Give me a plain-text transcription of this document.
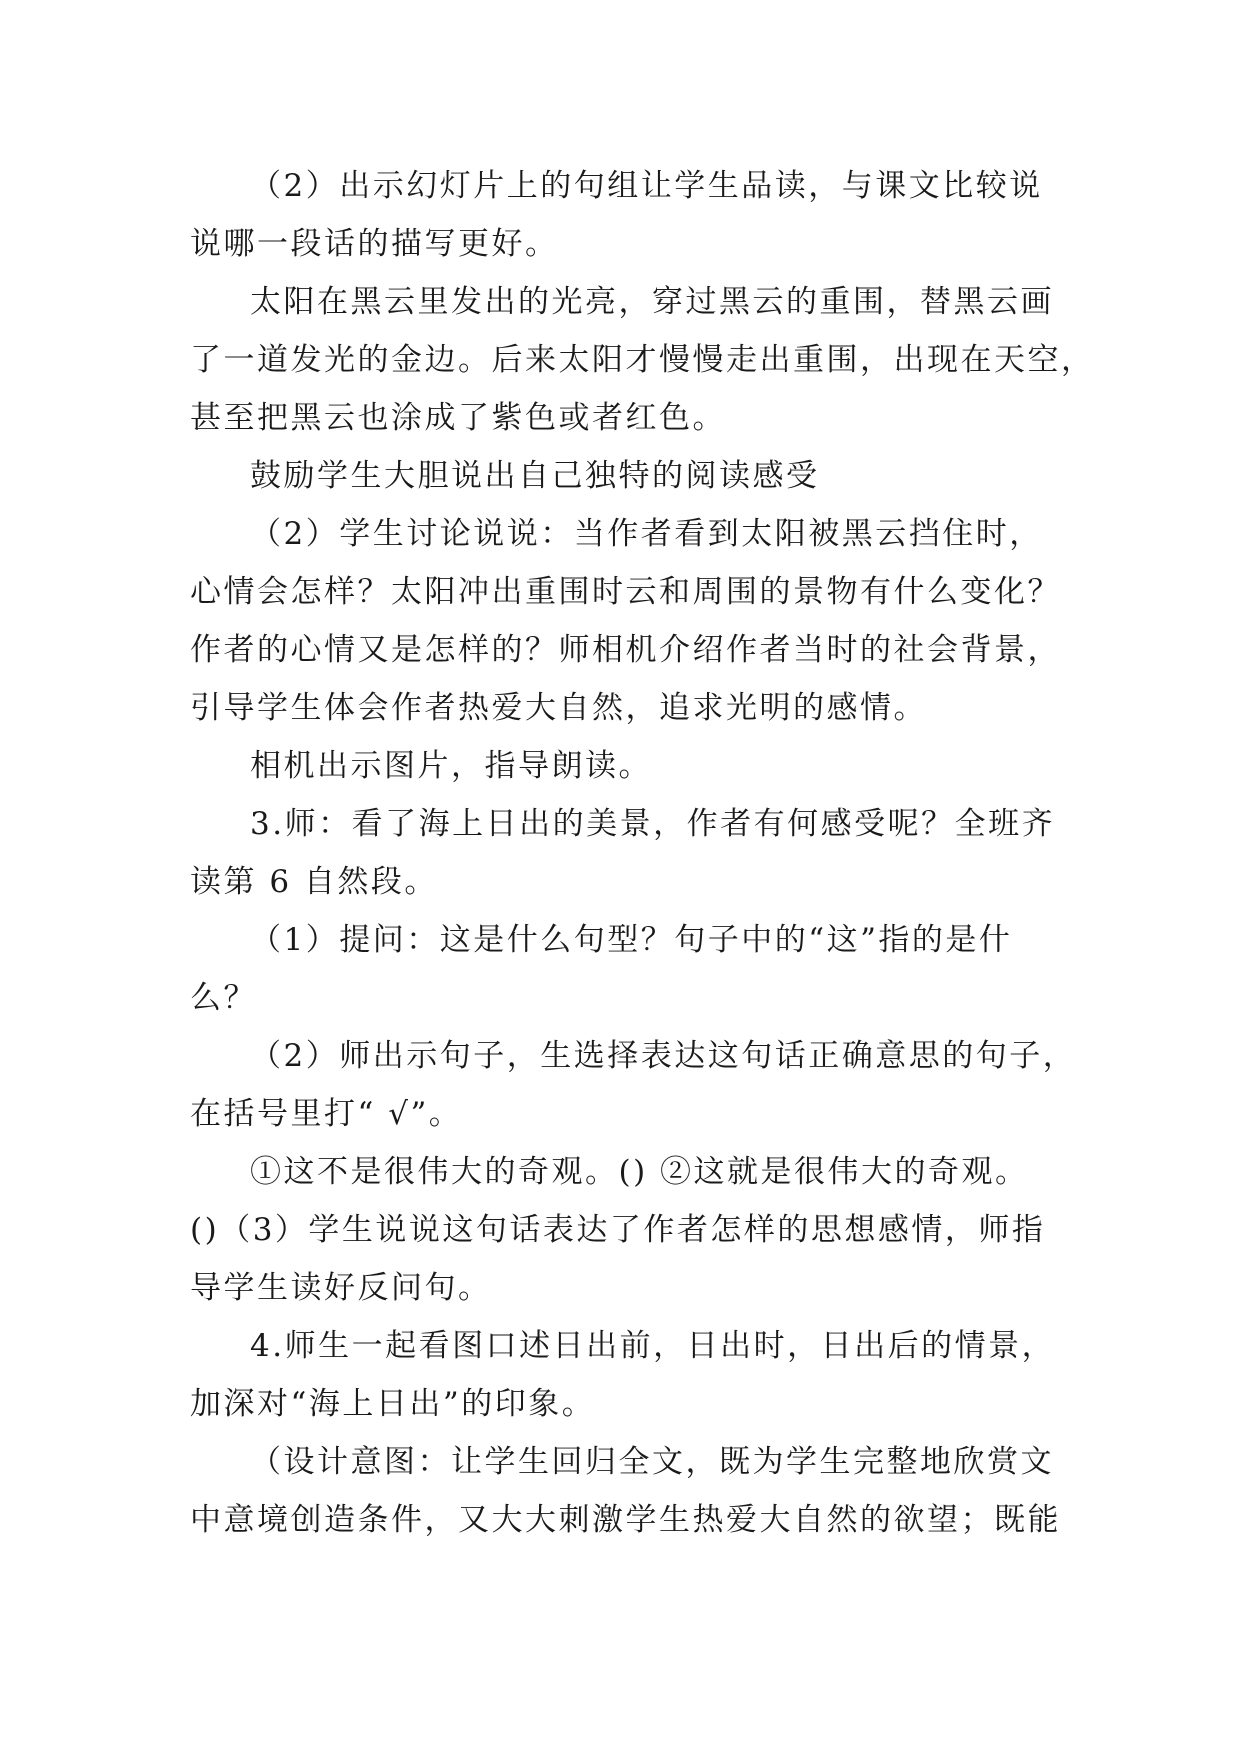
（2）出示幻灯片上的句组让学生品读，与课文比较说
说哪一段话的描写更好。
太阳在黑云里发出的光亮，穿过黑云的重围，替黑云画
了一道发光的金边。后来太阳才慢慢走出重围，出现在天空，
甚至把黑云也涂成了紫色或者红色。
鼓励学生大胆说出自己独特的阅读感受
（2）学生讨论说说：当作者看到太阳被黑云挡住时，
心情会怎样？太阳冲出重围时云和周围的景物有什么变化？
作者的心情又是怎样的？师相机介绍作者当时的社会背景，
引导学生体会作者热爱大自然，追求光明的感情。
相机出示图片，指导朗读。
3.师：看了海上日出的美景，作者有何感受呢？全班齐
读第 6 自然段。
（1）提问：这是什么句型？句子中的“这”指的是什
么？
（2）师出示句子，生选择表达这句话正确意思的句子，
在括号里打“ √”。
①这不是很伟大的奇观。() ②这就是很伟大的奇观。
()（3）学生说说这句话表达了作者怎样的思想感情，师指
导学生读好反问句。
4.师生一起看图口述日出前，日出时，日出后的情景，
加深对“海上日出”的印象。
（设计意图：让学生回归全文，既为学生完整地欣赏文
中意境创造条件，又大大刺激学生热爱大自然的欲望；既能
